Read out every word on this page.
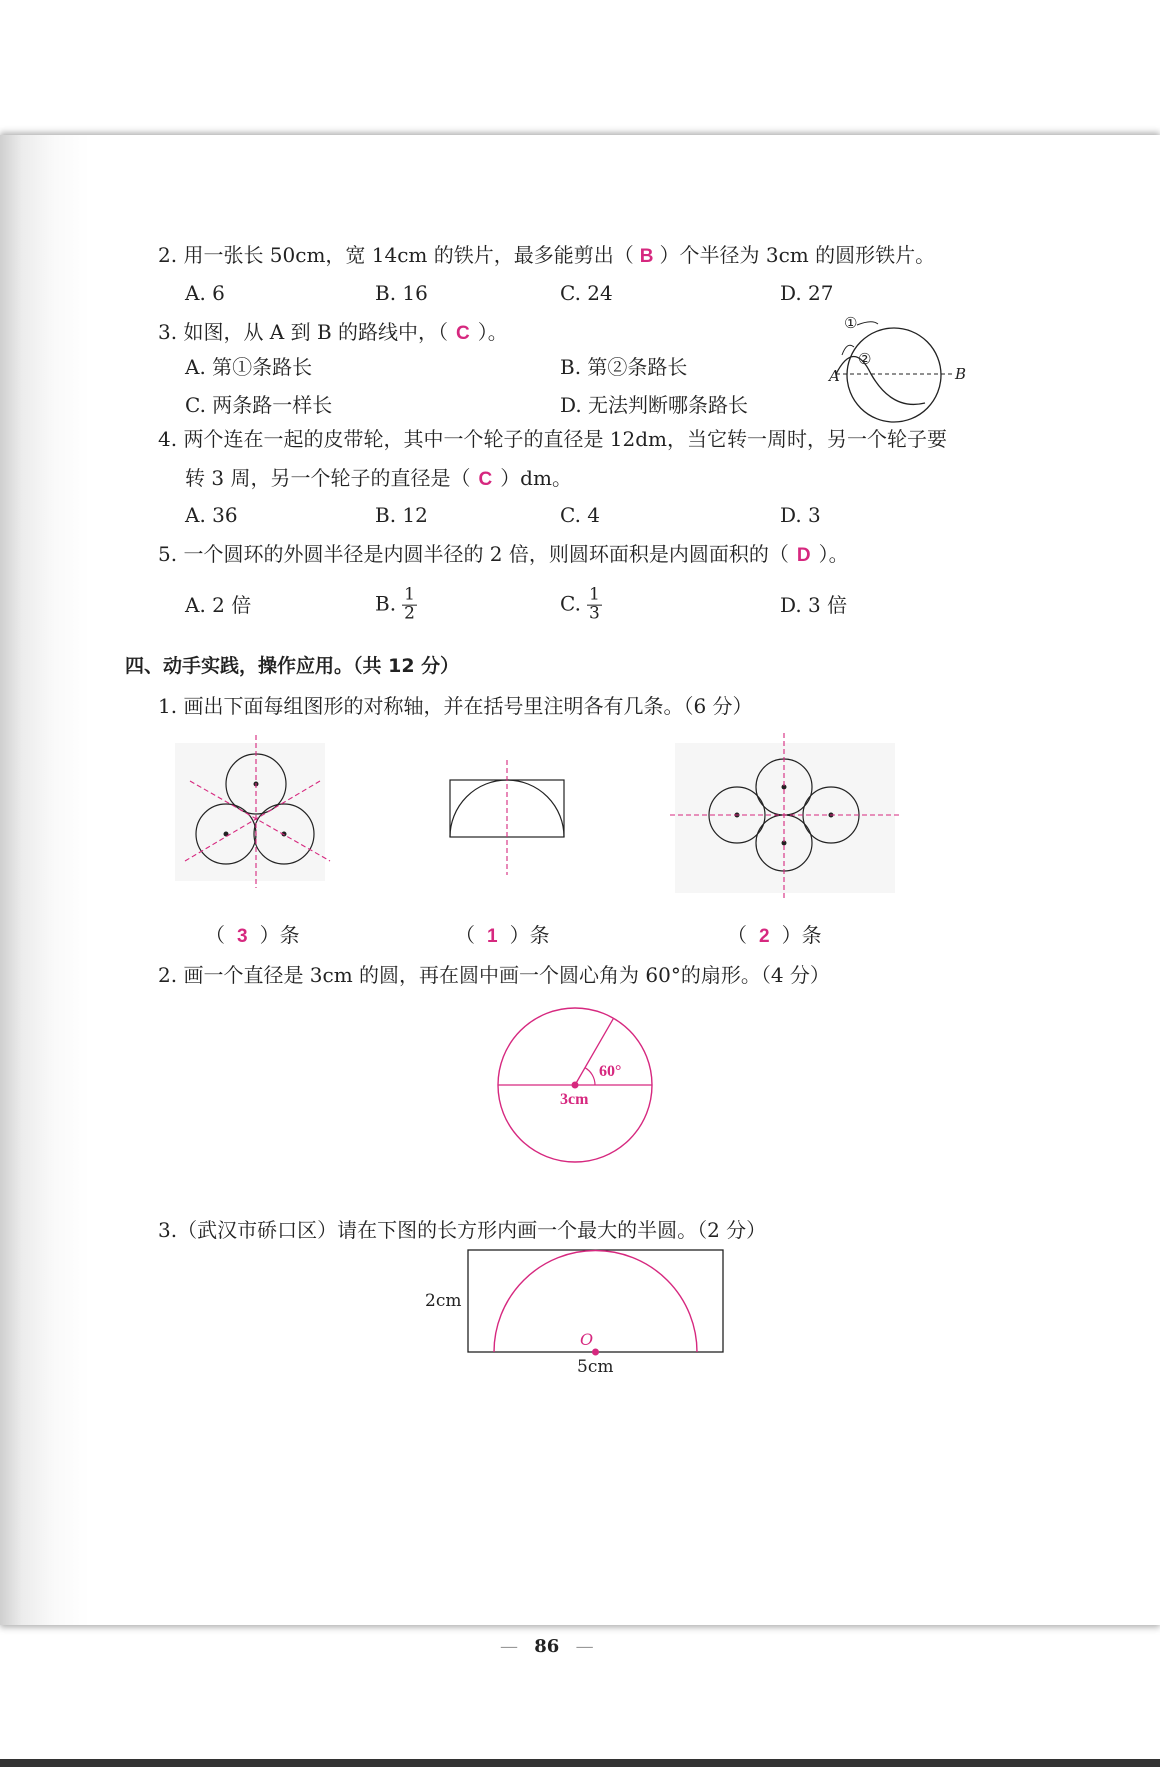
2. 用一张长 50cm，宽 14cm 的铁片，最多能剪出（ B ）个半径为 3cm 的圆形铁片。
A. 6	B. 16	C. 24	D. 27
3. 如图，从 A 到 B 的路线中，（ C ）。
A. 第①条路长	B. 第②条路长
C. 两条路一样长	D. 无法判断哪条路长
①
②
A	B
4. 两个连在一起的皮带轮，其中一个轮子的直径是 12dm，当它转一周时，另一个轮子要
转 3 周，另一个轮子的直径是（ C ）dm。
A. 36	B. 12	C. 4	D. 3
5. 一个圆环的外圆半径是内圆半径的 2 倍，则圆环面积是内圆面积的（ D ）。
A. 2 倍	B. $\frac{1}{2}$	C. $\frac{1}{3}$	D. 3 倍
四、动手实践，操作应用。（共 12 分）
1. 画出下面每组图形的对称轴，并在括号里注明各有几条。（6 分）
（ 3 ）条	（ 1 ）条	（ 2 ）条
2. 画一个直径是 3cm 的圆，再在圆中画一个圆心角为 60°的扇形。（4 分）
60°
3cm
3.（武汉市硚口区）请在下图的长方形内画一个最大的半圆。（2 分）
O
2cm
5cm
— 86 —
